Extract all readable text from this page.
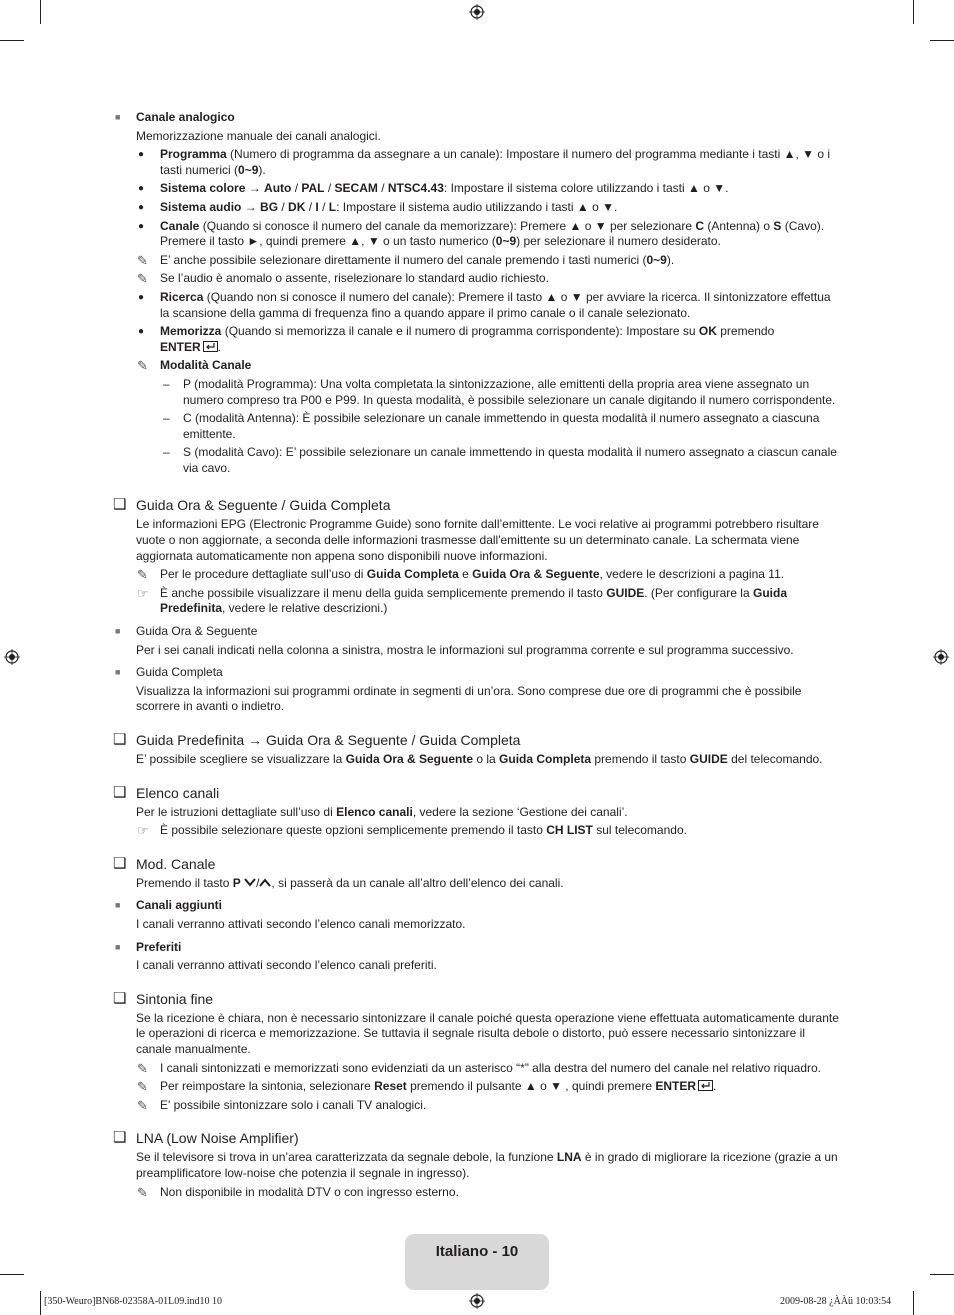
■ Canale analogico
Memorizzazione manuale dei canali analogici.
● Programma (Numero di programma da assegnare a un canale): Impostare il numero del programma mediante i tasti ▲, ▼ o i tasti numerici (0~9).
● Sistema colore → Auto / PAL / SECAM / NTSC4.43: Impostare il sistema colore utilizzando i tasti ▲ o ▼.
● Sistema audio → BG / DK / I / L: Impostare il sistema audio utilizzando i tasti ▲ o ▼.
● Canale (Quando si conosce il numero del canale da memorizzare): Premere ▲ o ▼ per selezionare C (Antenna) o S (Cavo). Premere il tasto ►, quindi premere ▲, ▼ o un tasto numerico (0~9) per selezionare il numero desiderato.
✎ E’ anche possibile selezionare direttamente il numero del canale premendo i tasti numerici (0~9).
✎ Se l’audio è anomalo o assente, riselezionare lo standard audio richiesto.
● Ricerca (Quando non si conosce il numero del canale): Premere il tasto ▲ o ▼ per avviare la ricerca. Il sintonizzatore effettua la scansione della gamma di frequenza fino a quando appare il primo canale o il canale selezionato.
● Memorizza (Quando si memorizza il canale e il numero di programma corrispondente): Impostare su OK premendo
ENTER .
✎ Modalità Canale
– P (modalità Programma): Una volta completata la sintonizzazione, alle emittenti della propria area viene assegnato un numero compreso tra P00 e P99. In questa modalità, è possibile selezionare un canale digitando il numero corrispondente.
– C (modalità Antenna): È possibile selezionare un canale immettendo in questa modalità il numero assegnato a ciascuna emittente.
– S (modalità Cavo): E’ possibile selezionare un canale immettendo in questa modalità il numero assegnato a ciascun canale via cavo.
❑ Guida Ora & Seguente / Guida Completa
Le informazioni EPG (Electronic Programme Guide) sono fornite dall’emittente. Le voci relative ai programmi potrebbero risultare vuote o non aggiornate, a seconda delle informazioni trasmesse dall'emittente su un determinato canale. La schermata viene aggiornata automaticamente non appena sono disponibili nuove informazioni.
✎ Per le procedure dettagliate sull’uso di Guida Completa e Guida Ora & Seguente, vedere le descrizioni a pagina 11.
☞ È anche possibile visualizzare il menu della guida semplicemente premendo il tasto GUIDE. (Per configurare la Guida Predefinita, vedere le relative descrizioni.)
■ Guida Ora & Seguente
Per i sei canali indicati nella colonna a sinistra, mostra le informazioni sul programma corrente e sul programma successivo.
■ Guida Completa
Visualizza la informazioni sui programmi ordinate in segmenti di un’ora. Sono comprese due ore di programmi che è possibile scorrere in avanti o indietro.
❑ Guida Predefinita → Guida Ora & Seguente / Guida Completa
E’ possibile scegliere se visualizzare la Guida Ora & Seguente o la Guida Completa premendo il tasto GUIDE del telecomando.
❑ Elenco canali
Per le istruzioni dettagliate sull’uso di Elenco canali, vedere la sezione ‘Gestione dei canali’.
☞ È possibile selezionare queste opzioni semplicemente premendo il tasto CH LIST sul telecomando.
❑ Mod. Canale
Premendo il tasto P / , si passerà da un canale all’altro dell’elenco dei canali.
■ Canali aggiunti
I canali verranno attivati secondo l’elenco canali memorizzato.
■ Preferiti
I canali verranno attivati secondo l’elenco canali preferiti.
❑ Sintonia fine
Se la ricezione è chiara, non è necessario sintonizzare il canale poiché questa operazione viene effettuata automaticamente durante le operazioni di ricerca e memorizzazione. Se tuttavia il segnale risulta debole o distorto, può essere necessario sintonizzare il canale manualmente.
✎ I canali sintonizzati e memorizzati sono evidenziati da un asterisco “*” alla destra del numero del canale nel relativo riquadro.
✎ Per reimpostare la sintonia, selezionare Reset premendo il pulsante ▲ o ▼ , quindi premere ENTER .
✎ E' possibile sintonizzare solo i canali TV analogici.
❑ LNA (Low Noise Amplifier)
Se il televisore si trova in un’area caratterizzata da segnale debole, la funzione LNA è in grado di migliorare la ricezione (grazie a un preamplificatore low-noise che potenzia il segnale in ingresso).
✎ Non disponibile in modalità DTV o con ingresso esterno.
Italiano - 10
[350-Weuro]BN68-02358A-01L09.ind10 10	2009-08-28 ¿ÀÀü 10:03:54
